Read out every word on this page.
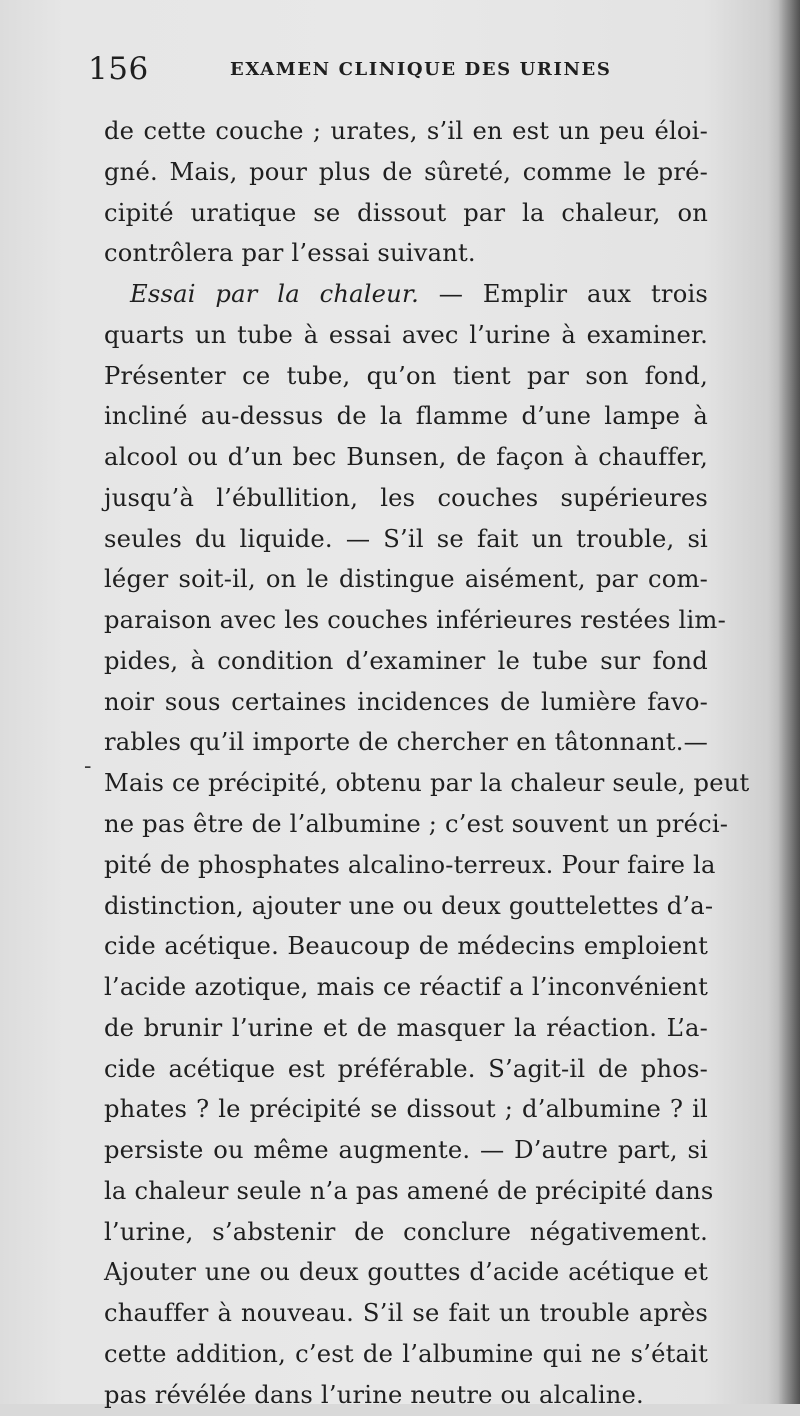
156	EXAMEN CLINIQUE DES URINES
-
de cette couche ; urates, s’il en est un peu éloi-
gné. Mais, pour plus de sûreté, comme le pré-
cipité uratique se dissout par la chaleur, on
contrôlera par l’essai suivant.
Essai par la chaleur. — Emplir aux trois
quarts un tube à essai avec l’urine à examiner.
Présenter ce tube, qu’on tient par son fond,
incliné au-dessus de la flamme d’une lampe à
alcool ou d’un bec Bunsen, de façon à chauffer,
jusqu’à l’ébullition, les couches supérieures
seules du liquide. — S’il se fait un trouble, si
léger soit-il, on le distingue aisément, par com-
paraison avec les couches inférieures restées lim-
pides, à condition d’examiner le tube sur fond
noir sous certaines incidences de lumière favo-
rables qu’il importe de chercher en tâtonnant.—
Mais ce précipité, obtenu par la chaleur seule, peut
ne pas être de l’albumine ; c’est souvent un préci-
pité de phosphates alcalino-terreux. Pour faire la
distinction, ajouter une ou deux gouttelettes d’a-
cide acétique. Beaucoup de médecins emploient
l’acide azotique, mais ce réactif a l’inconvénient
de brunir l’urine et de masquer la réaction. L’a-
cide acétique est préférable. S’agit-il de phos-
phates ? le précipité se dissout ; d’albumine ? il
persiste ou même augmente. — D’autre part, si
la chaleur seule n’a pas amené de précipité dans
l’urine, s’abstenir de conclure négativement.
Ajouter une ou deux gouttes d’acide acétique et
chauffer à nouveau. S’il se fait un trouble après
cette addition, c’est de l’albumine qui ne s’était
pas révélée dans l’urine neutre ou alcaline.
